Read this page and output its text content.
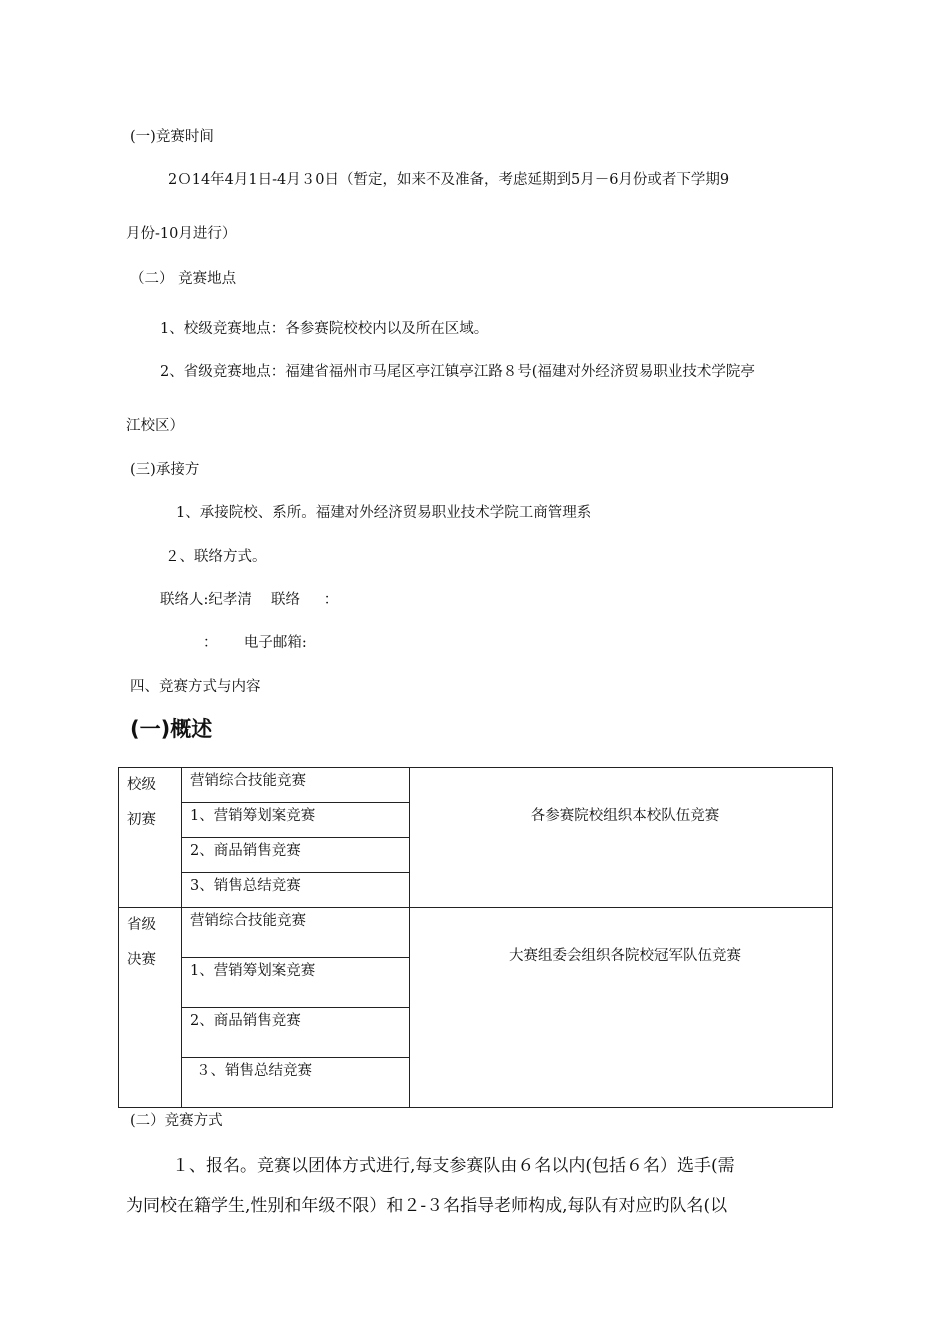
(一)竞赛时间
2Ｏ14年4月1日-4月３0日（暂定，如来不及准备，考虑延期到5月－6月份或者下学期9
月份-10月进行）
（二） 竞赛地点
1、校级竞赛地点：各参赛院校校内以及所在区域。
2、省级竞赛地点：福建省福州市马尾区亭江镇亭江路８号(福建对外经济贸易职业技术学院亭
江校区）
(三)承接方
1、承接院校、系所。福建对外经济贸易职业技术学院工商管理系
２、联络方式。
联络人:纪孝清　 联络 　 ：
：　　 电子邮箱:
四、竞赛方式与内容
(一)概述
校级
初赛	营销综合技能竞赛	各参赛院校组织本校队伍竞赛

	1、营销筹划案竞赛	
	2、商品销售竞赛	
	3、销售总结竞赛	

省级
决赛	营销综合技能竞赛	大赛组委会组织各院校冠军队伍竞赛

	1、营销筹划案竞赛	
	2、商品销售竞赛	
	３、销售总结竞赛	
(二）竞赛方式
１、报名。竞赛以团体方式进行,每支参赛队由６名以内(包括６名）选手(需
为同校在籍学生,性别和年级不限）和２-３名指导老师构成,每队有对应旳队名(以
